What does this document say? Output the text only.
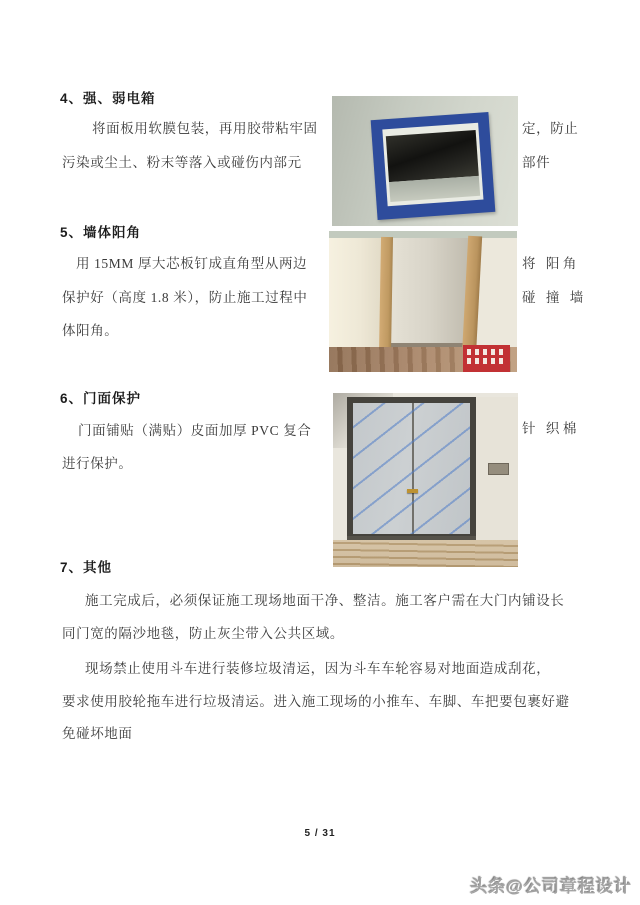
4、强、弱电箱
将面板用软膜包装，再用胶带粘牢固	定，防止
污染或尘土、粉末等落入或碰伤内部元	部件
5、墙体阳角
用 15MM 厚大芯板钉成直角型从两边	将 阳角
保护好（高度 1.8 米），防止施工过程中	碰 撞 墙
体阳角。
6、门面保护
门面铺贴（满贴）皮面加厚 PVC 复合	针 织棉
进行保护。
7、其他
施工完成后，必须保证施工现场地面干净、整洁。施工客户需在大门内铺设长
同门宽的隔沙地毯，防止灰尘带入公共区域。
现场禁止使用斗车进行装修垃圾清运，因为斗车车轮容易对地面造成刮花，
要求使用胶轮拖车进行垃圾清运。进入施工现场的小推车、车脚、车把要包裹好避
免碰坏地面
5 / 31
头条@公司章程设计
